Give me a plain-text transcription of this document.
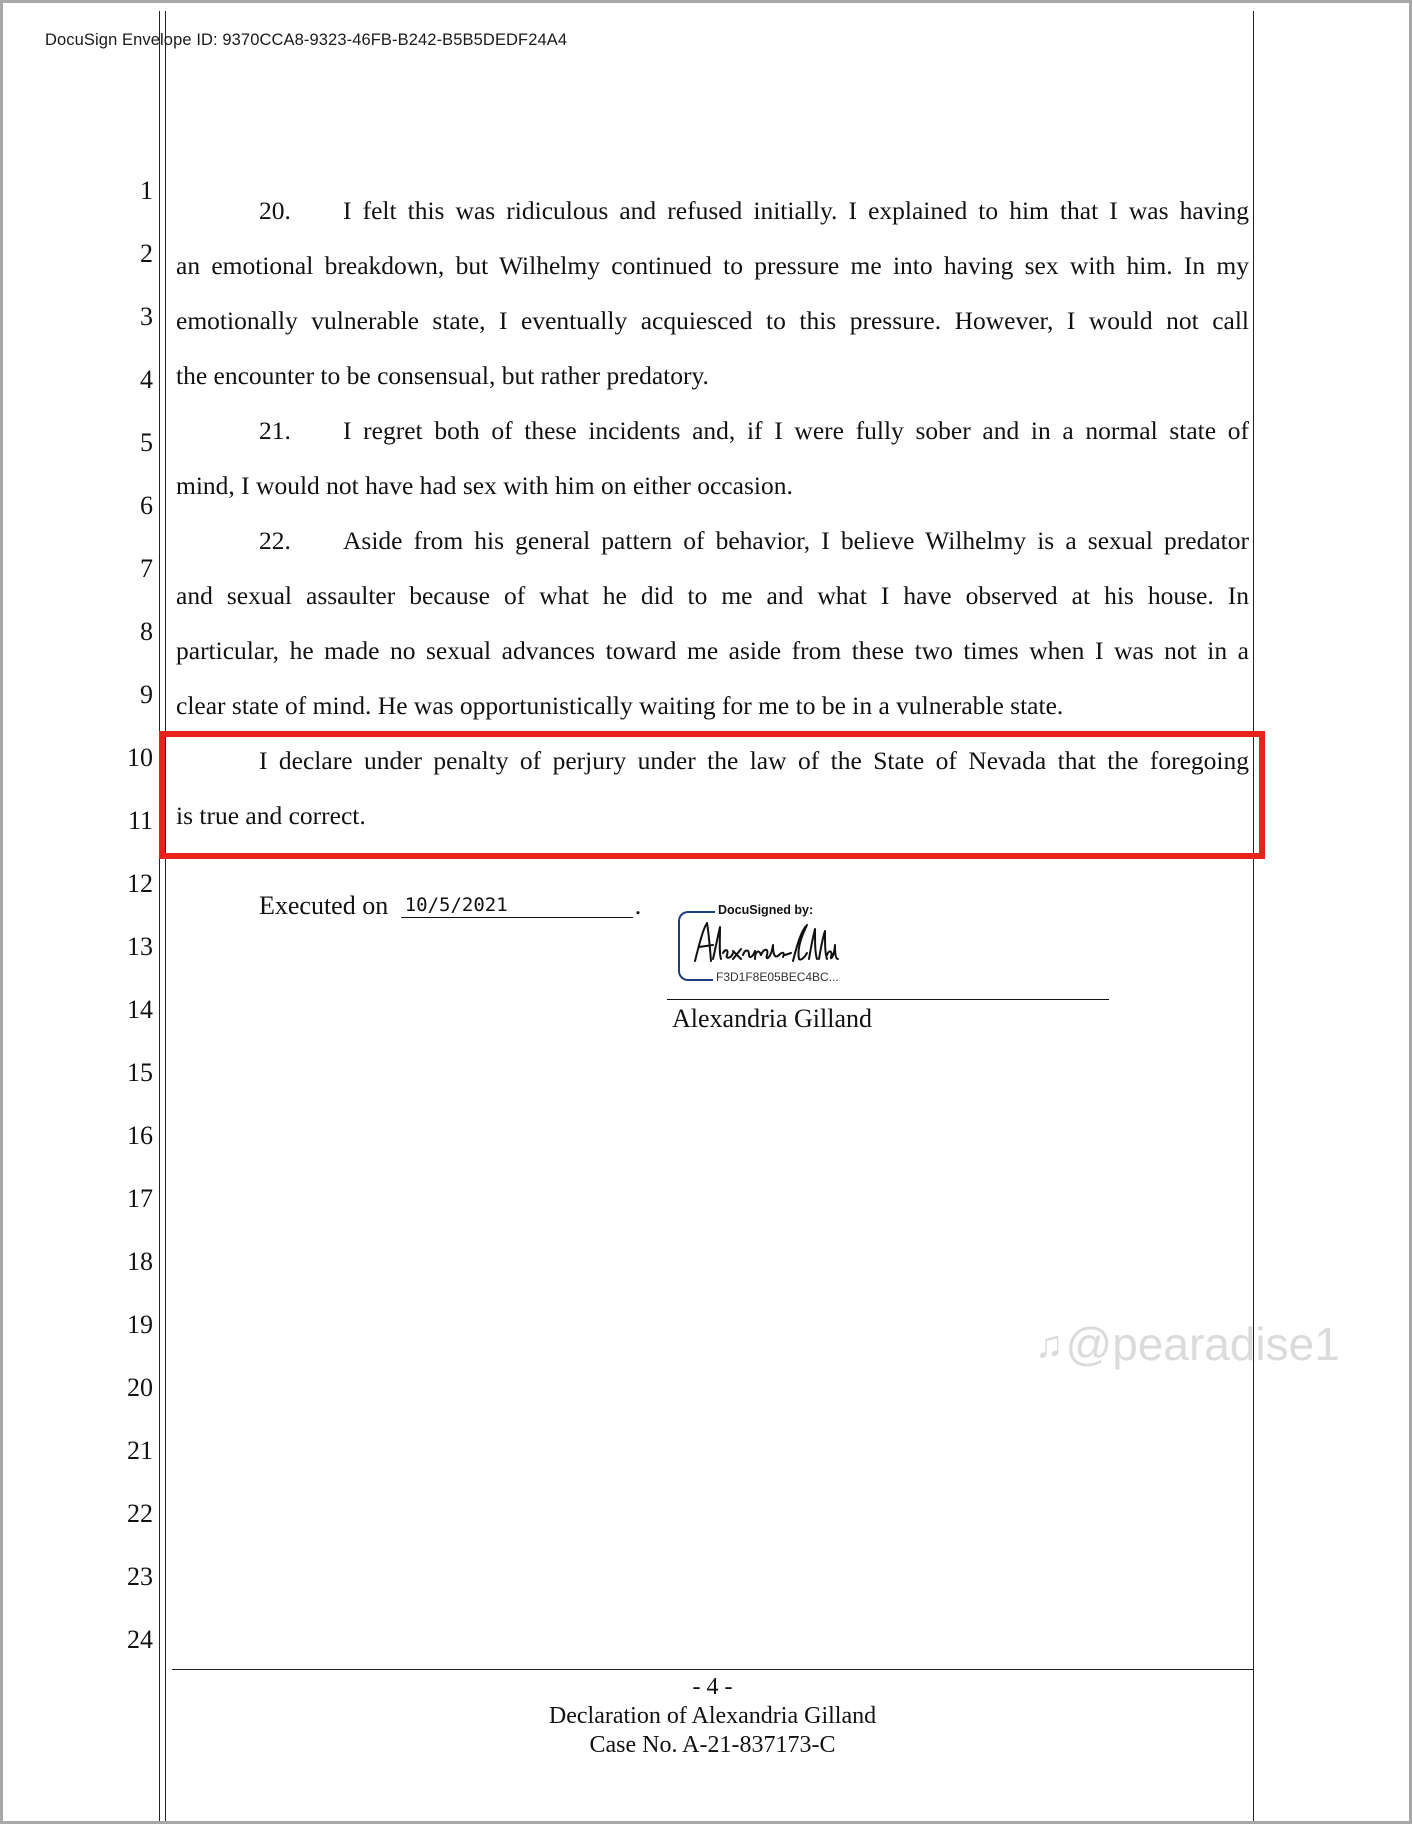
DocuSign Envelope ID: 9370CCA8-9323-46FB-B242-B5B5DEDF24A4
1
2
3
4
5
6
7
8
9
10
11
12
13
14
15
16
17
18
19
20
21
22
23
24
20. I felt this was ridiculous and refused initially. I explained to him that I was having
an emotional breakdown, but Wilhelmy continued to pressure me into having sex with him. In my
emotionally vulnerable state, I eventually acquiesced to this pressure. However, I would not call
the encounter to be consensual, but rather predatory.
21. I regret both of these incidents and, if I were fully sober and in a normal state of
mind, I would not have had sex with him on either occasion.
22. Aside from his general pattern of behavior, I believe Wilhelmy is a sexual predator
and sexual assaulter because of what he did to me and what I have observed at his house. In
particular, he made no sexual advances toward me aside from these two times when I was not in a
clear state of mind. He was opportunistically waiting for me to be in a vulnerable state.
I declare under penalty of perjury under the law of the State of Nevada that the foregoing
is true and correct.
Executed on 10/5/2021	.	DocuSigned by:
F3D1F8E05BEC4BC...
Alexandria Gilland
♫@pearadise1
- 4 -
Declaration of Alexandria Gilland
Case No. A-21-837173-C
